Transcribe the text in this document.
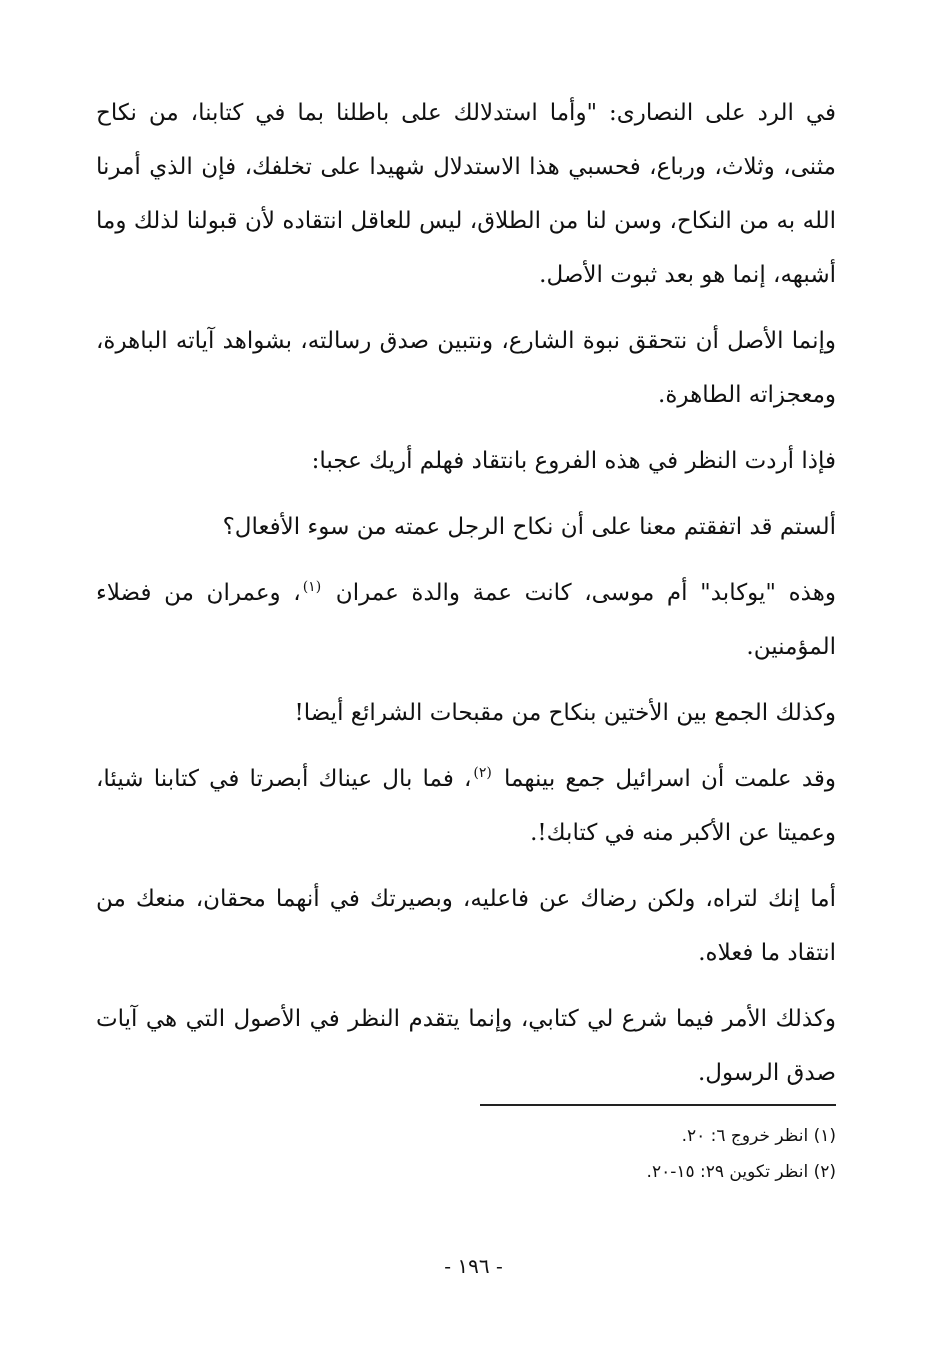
في الرد على النصارى: "وأما استدلالك على باطلنا بما في كتابنا، من نكاح مثنى، وثلاث، ورباع، فحسبي هذا الاستدلال شهيدا على تخلفك، فإن الذي أمرنا الله به من النكاح، وسن لنا من الطلاق، ليس للعاقل انتقاده لأن قبولنا لذلك وما أشبهه، إنما هو بعد ثبوت الأصل.

وإنما الأصل أن نتحقق نبوة الشارع، ونتبين صدق رسالته، بشواهد آياته الباهرة، ومعجزاته الطاهرة.

فإذا أردت النظر في هذه الفروع بانتقاد فهلم أريك عجبا:

ألستم قد اتفقتم معنا على أن نكاح الرجل عمته من سوء الأفعال؟

وهذه "يوكابد" أم موسى، كانت عمة والدة عمران $^{(١)}$، وعمران من فضلاء المؤمنين.

وكذلك الجمع بين الأختين بنكاح من مقبحات الشرائع أيضا!

وقد علمت أن اسرائيل جمع بينهما $^{(٢)}$، فما بال عيناك أبصرتا في كتابنا شيئا، وعميتا عن الأكبر منه في كتابك!.

أما إنك لتراه، ولكن رضاك عن فاعليه، وبصيرتك في أنهما محقان، منعك من انتقاد ما فعلاه.

وكذلك الأمر فيما شرع لي كتابي، وإنما يتقدم النظر في الأصول التي هي آيات صدق الرسول.

(١) انظر خروج ٦: ٢٠.

(٢) انظر تكوين ٢٩: ١٥-٢٠.

- ١٩٦ -
